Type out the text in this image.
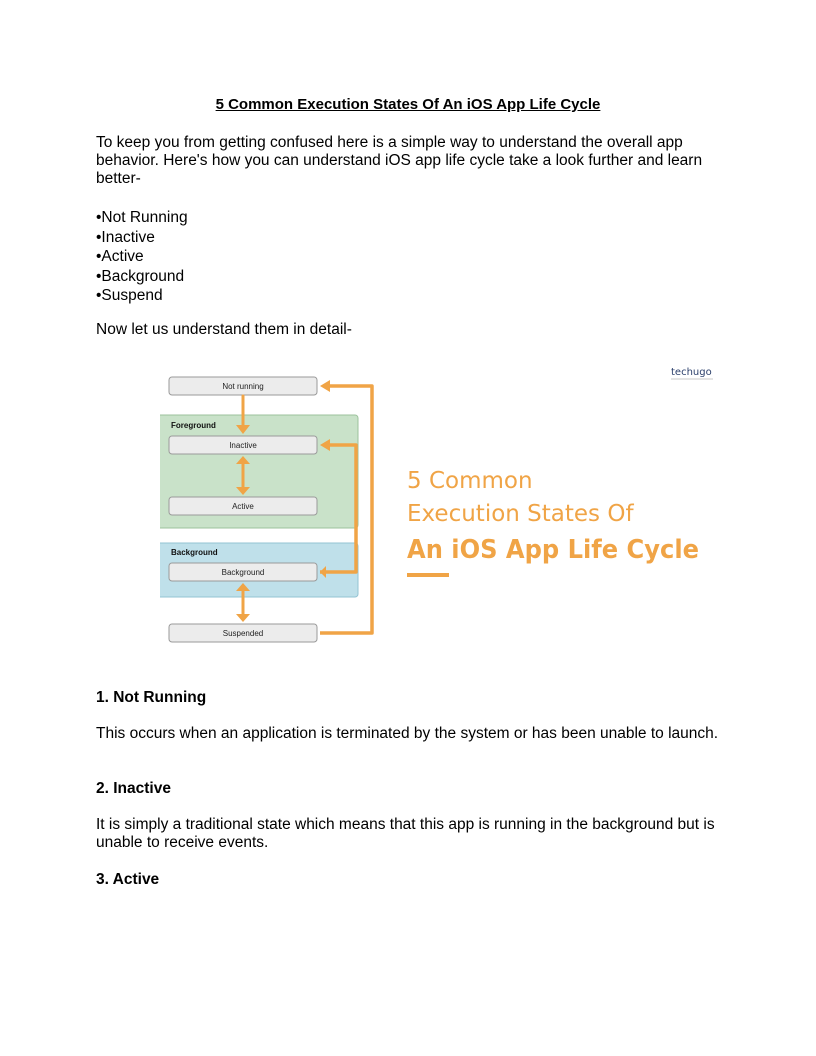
5 Common Execution States Of An iOS App Life Cycle
To keep you from getting confused here is a simple way to understand the overall app behavior. Here's how you can understand iOS app life cycle take a look further and learn better-
•Not Running
•Inactive
•Active
•Background
•Suspend
Now let us understand them in detail-
Foreground
Background
Not running
Inactive
Active
Background
Suspended
5 Common
Execution States Of
An iOS App Life Cycle
techugo
1. Not Running
This occurs when an application is terminated by the system or has been unable to launch.
2. Inactive
It is simply a traditional state which means that this app is running in the background but is unable to receive events.
3. Active
